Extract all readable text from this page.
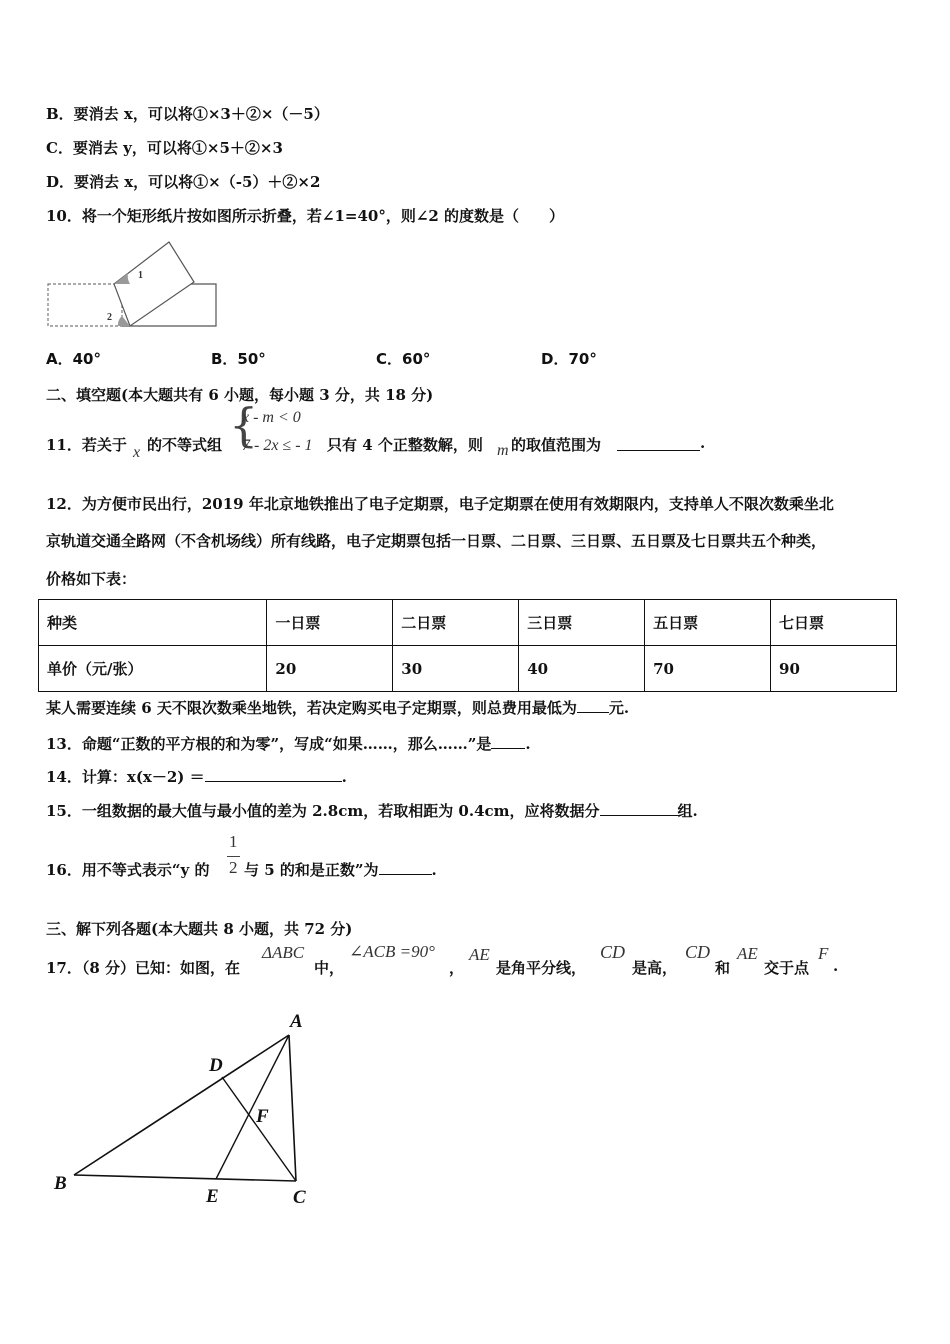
B．要消去 x，可以将①×3＋②×（－5）
C．要消去 y，可以将①×5＋②×3
D．要消去 x，可以将①×（-5）＋②×2
10．将一个矩形纸片按如图所示折叠，若∠1=40°，则∠2 的度数是（　　）
1
2
A．40°	B．50°	C．60°	D．70°
二、填空题(本大题共有 6 小题，每小题 3 分，共 18 分)
11．若关于 x 的不等式组 {
x - m < 0
7 - 2x ≤ - 1 只有 4 个正整数解，则 m 的取值范围为	.
12．为方便市民出行，2019 年北京地铁推出了电子定期票，电子定期票在使用有效期限内，支持单人不限次数乘坐北
京轨道交通全路网（不含机场线）所有线路，电子定期票包括一日票、二日票、三日票、五日票及七日票共五个种类，
价格如下表：
种类	一日票	二日票	三日票	五日票	七日票
单价（元/张）	20	30	40	70	90
某人需要连续 6 天不限次数乘坐地铁，若决定购买电子定期票，则总费用最低为 元.
13．命题“正数的平方根的和为零”，写成“如果……，那么……”是 .
14．计算：x(x－2) ＝	.
15．一组数据的最大值与最小值的差为 2.8cm，若取相距为 0.4cm，应将数据分	组.
16．用不等式表示“y 的
1
2 与 5 的和是正数”为	.
三、解下列各题(本大题共 8 小题，共 72 分)
17．（8 分）已知：如图，在
ΔABC
中，
∠ACB =90°
，
AE
是角平分线，
CD
是高，
CD
和
AE
交于点
F
.
A
B
C
D
E
F
